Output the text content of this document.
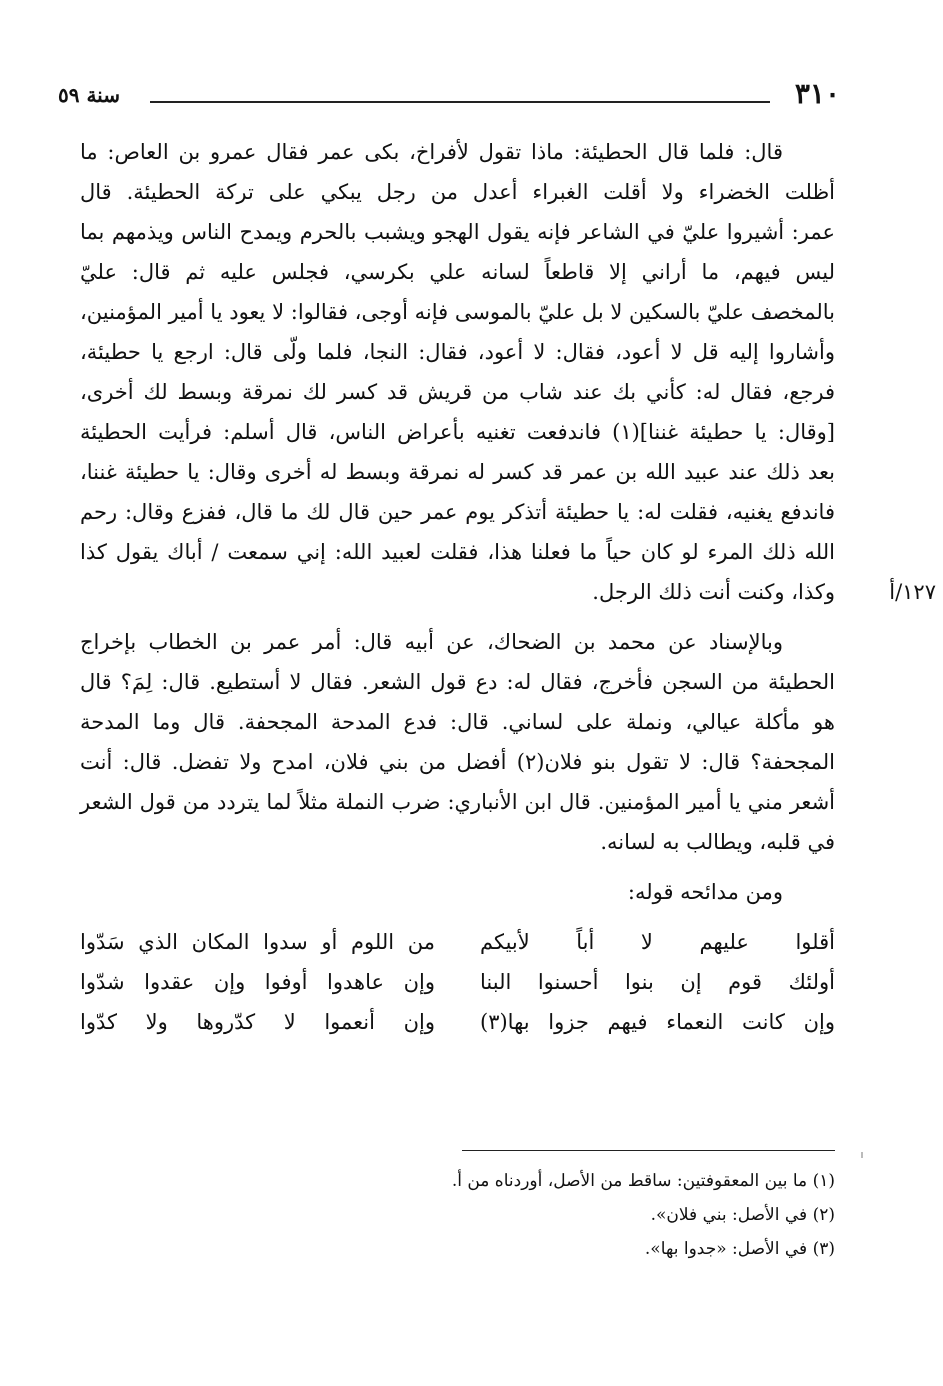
٣١٠
سنة ٥٩
قال: فلما قال الحطيئة: ماذا تقول لأفراخ، بكى عمر فقال عمرو بن العاص: ما
أظلت الخضراء ولا أقلت الغبراء أعدل من رجل يبكي على تركة الحطيئة. قال
عمر: أشيروا عليّ في الشاعر فإنه يقول الهجو ويشبب بالحرم ويمدح الناس ويذمهم بما
ليس فيهم، ما أراني إلا قاطعاً لسانه علي بكرسي، فجلس عليه ثم قال: عليّ
بالمخصف عليّ بالسكين لا بل عليّ بالموسى فإنه أوجى، فقالوا: لا يعود يا أمير المؤمنين،
وأشاروا إليه قل لا أعود، فقال: لا أعود، فقال: النجا، فلما ولّى قال: ارجع يا حطيئة،
فرجع، فقال له: كأني بك عند شاب من قريش قد كسر لك نمرقة وبسط لك أخرى،
[وقال: يا حطيئة غننا](١) فاندفعت تغنيه بأعراض الناس، قال أسلم: فرأيت الحطيئة
بعد ذلك عند عبيد الله بن عمر قد كسر له نمرقة وبسط له أخرى وقال: يا حطيئة غننا،
فاندفع يغنيه، فقلت له: يا حطيئة أتذكر يوم عمر حين قال لك ما قال، ففزع وقال: رحم
الله ذلك المرء لو كان حياً ما فعلنا هذا، فقلت لعبيد الله: إني سمعت / أباك يقول كذا
وكذا، وكنت أنت ذلك الرجل.	١٢٧/أ
وبالإسناد عن محمد بن الضحاك، عن أبيه قال: أمر عمر بن الخطاب بإخراج
الحطيئة من السجن فأخرج، فقال له: دع قول الشعر. فقال لا أستطيع. قال: لِمَ؟ قال
هو مأكلة عيالي، ونملة على لساني. قال: فدع المدحة المجحفة. قال وما المدحة
المجحفة؟ قال: لا تقول بنو فلان(٢) أفضل من بني فلان، امدح ولا تفضل. قال: أنت
أشعر مني يا أمير المؤمنين. قال ابن الأنباري: ضرب النملة مثلاً لما يتردد من قول الشعر
في قلبه، ويطالب به لسانه.
ومن مدائحه قوله:
أقلوا عليهم لا أباً لأبيكم
من اللوم أو سدوا المكان الذي سَدّوا
أولئك قوم إن بنوا أحسنوا البنا
وإن عاهدوا أوفوا وإن عقدوا شدّوا
وإن كانت النعماء فيهم جزوا بها(٣)
وإن أنعموا لا كدّروها ولا كدّوا
(١) ما بين المعقوفتين: ساقط من الأصل، أوردناه من أ.
(٢) في الأصل: بني فلان».
(٣) في الأصل: «جدوا بها».
